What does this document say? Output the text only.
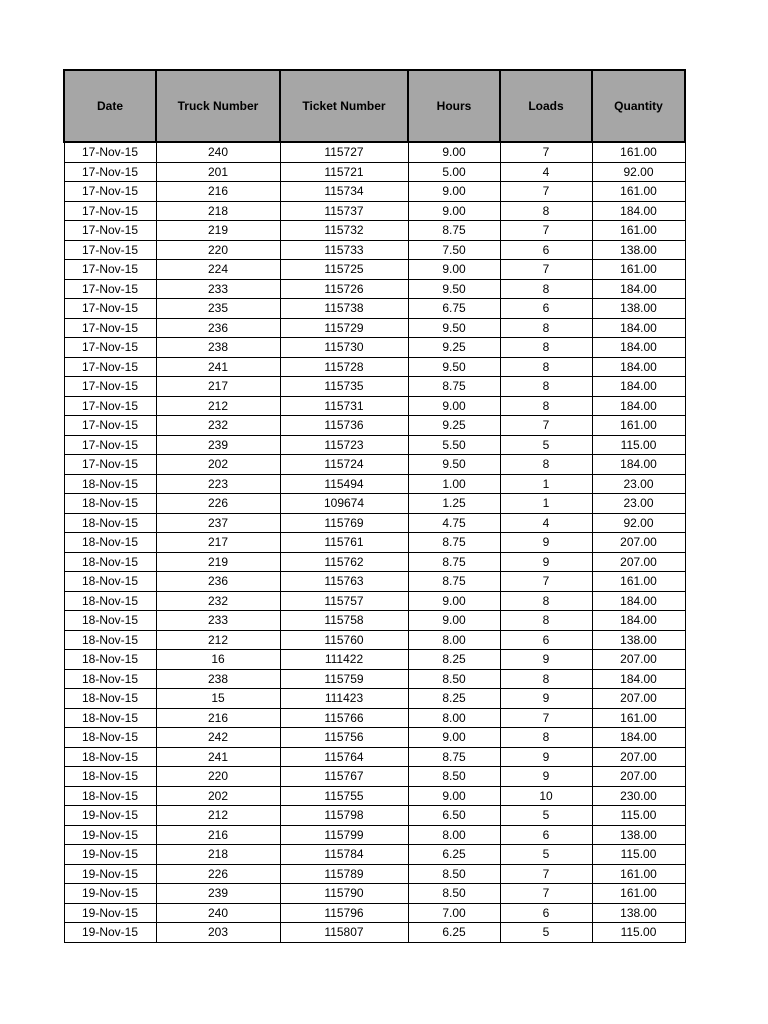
Date	Truck Number	Ticket Number	Hours	Loads	Quantity
17-Nov-15	240	115727	9.00	7	161.00
17-Nov-15	201	115721	5.00	4	92.00
17-Nov-15	216	115734	9.00	7	161.00
17-Nov-15	218	115737	9.00	8	184.00
17-Nov-15	219	115732	8.75	7	161.00
17-Nov-15	220	115733	7.50	6	138.00
17-Nov-15	224	115725	9.00	7	161.00
17-Nov-15	233	115726	9.50	8	184.00
17-Nov-15	235	115738	6.75	6	138.00
17-Nov-15	236	115729	9.50	8	184.00
17-Nov-15	238	115730	9.25	8	184.00
17-Nov-15	241	115728	9.50	8	184.00
17-Nov-15	217	115735	8.75	8	184.00
17-Nov-15	212	115731	9.00	8	184.00
17-Nov-15	232	115736	9.25	7	161.00
17-Nov-15	239	115723	5.50	5	115.00
17-Nov-15	202	115724	9.50	8	184.00
18-Nov-15	223	115494	1.00	1	23.00
18-Nov-15	226	109674	1.25	1	23.00
18-Nov-15	237	115769	4.75	4	92.00
18-Nov-15	217	115761	8.75	9	207.00
18-Nov-15	219	115762	8.75	9	207.00
18-Nov-15	236	115763	8.75	7	161.00
18-Nov-15	232	115757	9.00	8	184.00
18-Nov-15	233	115758	9.00	8	184.00
18-Nov-15	212	115760	8.00	6	138.00
18-Nov-15	16	111422	8.25	9	207.00
18-Nov-15	238	115759	8.50	8	184.00
18-Nov-15	15	111423	8.25	9	207.00
18-Nov-15	216	115766	8.00	7	161.00
18-Nov-15	242	115756	9.00	8	184.00
18-Nov-15	241	115764	8.75	9	207.00
18-Nov-15	220	115767	8.50	9	207.00
18-Nov-15	202	115755	9.00	10	230.00
19-Nov-15	212	115798	6.50	5	115.00
19-Nov-15	216	115799	8.00	6	138.00
19-Nov-15	218	115784	6.25	5	115.00
19-Nov-15	226	115789	8.50	7	161.00
19-Nov-15	239	115790	8.50	7	161.00
19-Nov-15	240	115796	7.00	6	138.00
19-Nov-15	203	115807	6.25	5	115.00
